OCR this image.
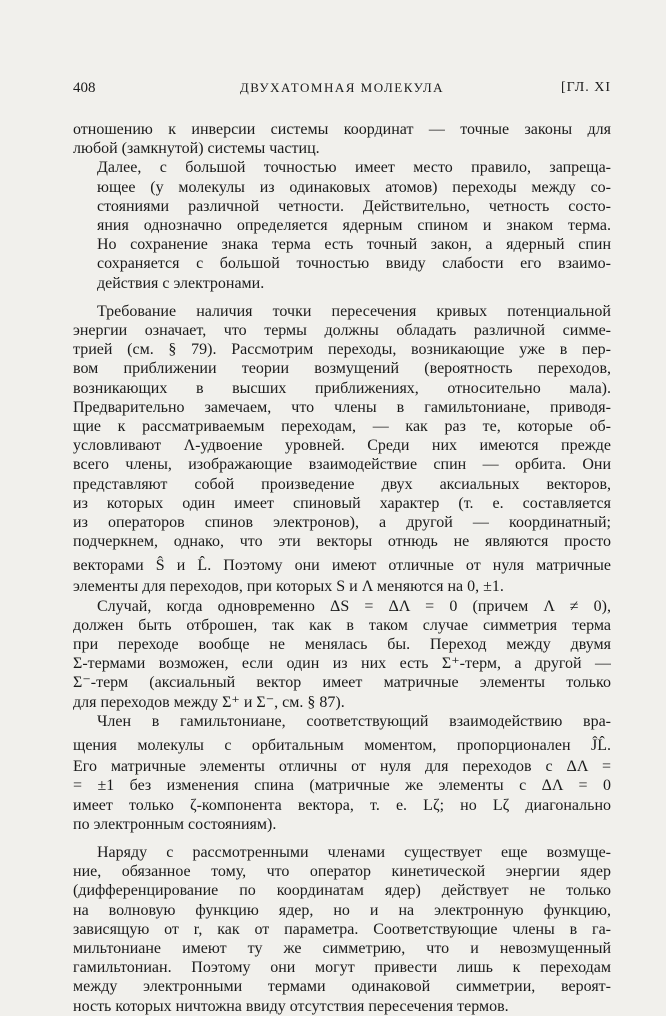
408	ДВУХАТОМНАЯ МОЛЕКУЛА	[ГЛ. XI
отношению к инверсии системы координат — точные законы для
любой (замкнутой) системы частиц.
Далее, с большой точностью имеет место правило, запреща-
ющее (у молекулы из одинаковых атомов) переходы между со-
стояниями различной четности. Действительно, четность состо-
яния однозначно определяется ядерным спином и знаком терма.
Но сохранение знака терма есть точный закон, а ядерный спин
сохраняется с большой точностью ввиду слабости его взаимо-
действия с электронами.
Требование наличия точки пересечения кривых потенциальной
энергии означает, что термы должны обладать различной симме-
трией (см. § 79). Рассмотрим переходы, возникающие уже в пер-
вом приближении теории возмущений (вероятность переходов,
возникающих в высших приближениях, относительно мала).
Предварительно замечаем, что члены в гамильтониане, приводя-
щие к рассматриваемым переходам, — как раз те, которые об-
условливают Λ-удвоение уровней. Среди них имеются прежде
всего члены, изображающие взаимодействие спин — орбита. Они
представляют собой произведение двух аксиальных векторов,
из которых один имеет спиновый характер (т. е. составляется
из операторов спинов электронов), а другой — координатный;
подчеркнем, однако, что эти векторы отнюдь не являются просто
векторами Ŝ и L̂. Поэтому они имеют отличные от нуля матричные
элементы для переходов, при которых S и Λ меняются на 0, ±1.
Случай, когда одновременно ΔS = ΔΛ = 0 (причем Λ ≠ 0),
должен быть отброшен, так как в таком случае симметрия терма
при переходе вообще не менялась бы. Переход между двумя
Σ-термами возможен, если один из них есть Σ⁺-терм, а другой —
Σ⁻-терм (аксиальный вектор имеет матричные элементы только
для переходов между Σ⁺ и Σ⁻, см. § 87).
Член в гамильтониане, соответствующий взаимодействию вра-
щения молекулы с орбитальным моментом, пропорционален ĴL̂.
Его матричные элементы отличны от нуля для переходов с ΔΛ =
= ±1 без изменения спина (матричные же элементы с ΔΛ = 0
имеет только ζ-компонента вектора, т. е. Lζ; но Lζ диагонально
по электронным состояниям).
Наряду с рассмотренными членами существует еще возмуще-
ние, обязанное тому, что оператор кинетической энергии ядер
(дифференцирование по координатам ядер) действует не только
на волновую функцию ядер, но и на электронную функцию,
зависящую от r, как от параметра. Соответствующие члены в га-
мильтониане имеют ту же симметрию, что и невозмущенный
гамильтониан. Поэтому они могут привести лишь к переходам
между электронными термами одинаковой симметрии, вероят-
ность которых ничтожна ввиду отсутствия пересечения термов.
